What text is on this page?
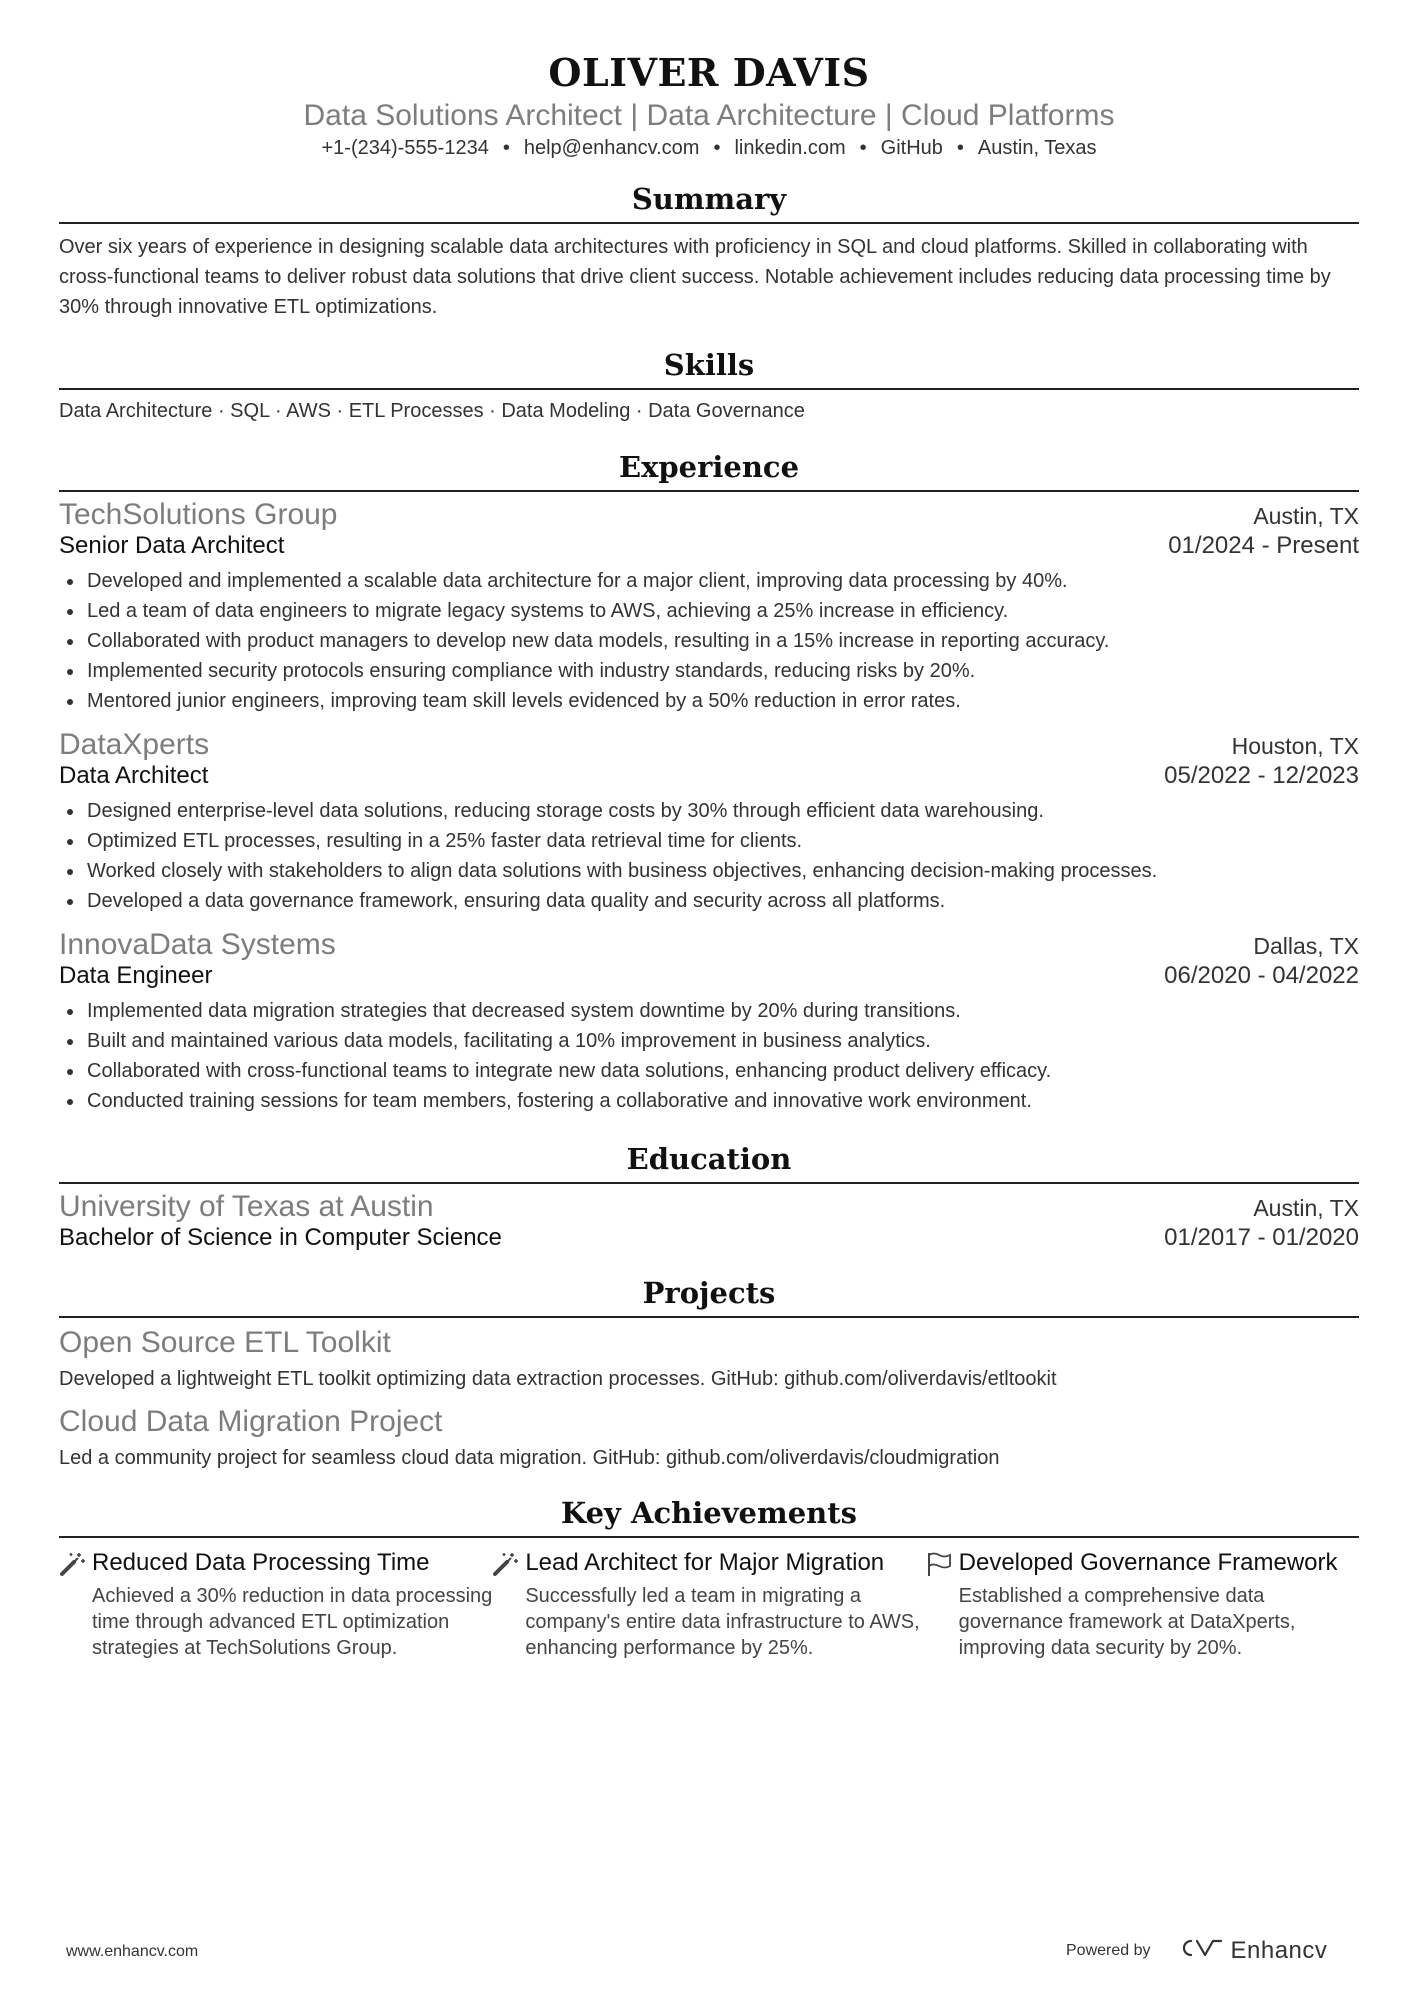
OLIVER DAVIS
Data Solutions Architect | Data Architecture | Cloud Platforms
+1-(234)-555-1234 • help@enhancv.com • linkedin.com • GitHub • Austin, Texas
Summary
Over six years of experience in designing scalable data architectures with proficiency in SQL and cloud platforms. Skilled in collaborating with cross-functional teams to deliver robust data solutions that drive client success. Notable achievement includes reducing data processing time by 30% through innovative ETL optimizations.
Skills
Data Architecture · SQL · AWS · ETL Processes · Data Modeling · Data Governance
Experience
TechSolutions Group	Austin, TX
Senior Data Architect	01/2024 - Present
Developed and implemented a scalable data architecture for a major client, improving data processing by 40%.
Led a team of data engineers to migrate legacy systems to AWS, achieving a 25% increase in efficiency.
Collaborated with product managers to develop new data models, resulting in a 15% increase in reporting accuracy.
Implemented security protocols ensuring compliance with industry standards, reducing risks by 20%.
Mentored junior engineers, improving team skill levels evidenced by a 50% reduction in error rates.
DataXperts	Houston, TX
Data Architect	05/2022 - 12/2023
Designed enterprise-level data solutions, reducing storage costs by 30% through efficient data warehousing.
Optimized ETL processes, resulting in a 25% faster data retrieval time for clients.
Worked closely with stakeholders to align data solutions with business objectives, enhancing decision-making processes.
Developed a data governance framework, ensuring data quality and security across all platforms.
InnovaData Systems	Dallas, TX
Data Engineer	06/2020 - 04/2022
Implemented data migration strategies that decreased system downtime by 20% during transitions.
Built and maintained various data models, facilitating a 10% improvement in business analytics.
Collaborated with cross-functional teams to integrate new data solutions, enhancing product delivery efficacy.
Conducted training sessions for team members, fostering a collaborative and innovative work environment.
Education
University of Texas at Austin	Austin, TX
Bachelor of Science in Computer Science	01/2017 - 01/2020
Projects
Open Source ETL Toolkit
Developed a lightweight ETL toolkit optimizing data extraction processes. GitHub: github.com/oliverdavis/etltookit
Cloud Data Migration Project
Led a community project for seamless cloud data migration. GitHub: github.com/oliverdavis/cloudmigration
Key Achievements
Reduced Data Processing Time
Achieved a 30% reduction in data processing time through advanced ETL optimization strategies at TechSolutions Group.
Lead Architect for Major Migration
Successfully led a team in migrating a company's entire data infrastructure to AWS, enhancing performance by 25%.
Developed Governance Framework
Established a comprehensive data governance framework at DataXperts, improving data security by 20%.
www.enhancv.com	Powered by	Enhancv
